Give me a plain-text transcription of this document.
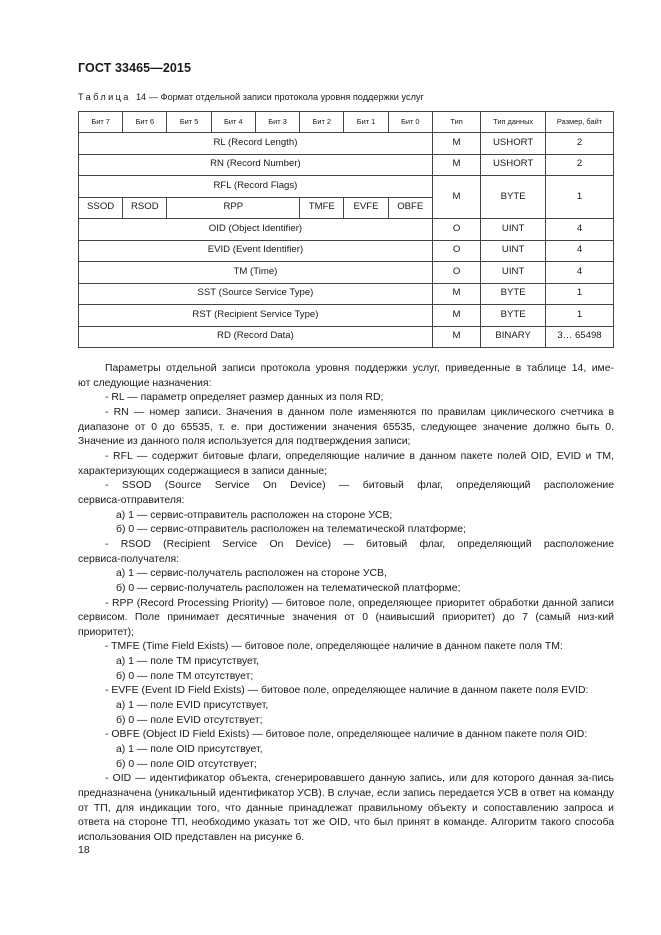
ГОСТ 33465—2015
Таблица 14 — Формат отдельной записи протокола уровня поддержки услуг
Бит 7	Бит 6	Бит 5	Бит 4	Бит 3	Бит 2	Бит 1	Бит 0	Тип	Тип данных	Размер, байт
RL (Record Length)								M	USHORT	2
RN (Record Number)								M	USHORT	2
RFL (Record Flags)								M	BYTE	1
SSOD	RSOD	RPP			TMFE	EVFE	OBFE			
OID (Object Identifier)								O	UINT	4
EVID (Event Identifier)								O	UINT	4
TM (Time)								O	UINT	4
SST (Source Service Type)								M	BYTE	1
RST (Recipient Service Type)								M	BYTE	1
RD (Record Data)								M	BINARY	3… 65498

Параметры отдельной записи протокола уровня поддержки услуг, приведенные в таблице 14, име-

ют следующие назначения:

- RL — параметр определяет размер данных из поля RD;

- RN — номер записи. Значения в данном поле изменяются по правилам циклического счетчика в диапазоне от 0 до 65535, т. е. при достижении значения 65535, следующее значение должно быть 0. Значение из данного поля используется для подтверждения записи;

- RFL — содержит битовые флаги, определяющие наличие в данном пакете полей OID, EVID и TM, характеризующих содержащиеся в записи данные;

- SSOD (Source Service On Device) — битовый флаг, определяющий расположение

сервиса-отправителя:

а) 1 — сервис-отправитель расположен на стороне УСВ;

б) 0 — сервис-отправитель расположен на телематической платформе;

- RSOD (Recipient Service On Device) — битовый флаг, определяющий расположение

сервиса-получателя:

а) 1 — сервис-получатель расположен на стороне УСВ,

б) 0 — сервис-получатель расположен на телематической платформе;

- RPP (Record Processing Priority) — битовое поле, определяющее приоритет обработки данной записи сервисом. Поле принимает десятичные значения от 0 (наивысший приоритет) до 7 (самый низ-кий приоритет);

- TMFE (Time Field Exists) — битовое поле, определяющее наличие в данном пакете поля TM:

а) 1 — поле TM присутствует,

б) 0 — поле TM отсутствует;

- EVFE (Event ID Field Exists) — битовое поле, определяющее наличие в данном пакете поля EVID:

а) 1 — поле EVID присутствует,

б) 0 — поле EVID отсутствует;

- OBFE (Object ID Field Exists) — битовое поле, определяющее наличие в данном пакете поля OID:

а) 1 — поле OID присутствует,

б) 0 — поле OID отсутствует;

- OID — идентификатор объекта, сгенерировавшего данную запись, или для которого данная за-пись предназначена (уникальный идентификатор УСВ). В случае, если запись передается УСВ в ответ на команду от ТП, для индикации того, что данные принадлежат правильному объекту и сопоставлению запроса и ответа на стороне ТП, необходимо указать тот же OID, что был принят в команде. Алгоритм такого способа использования OID представлен на рисунке 6.

18
